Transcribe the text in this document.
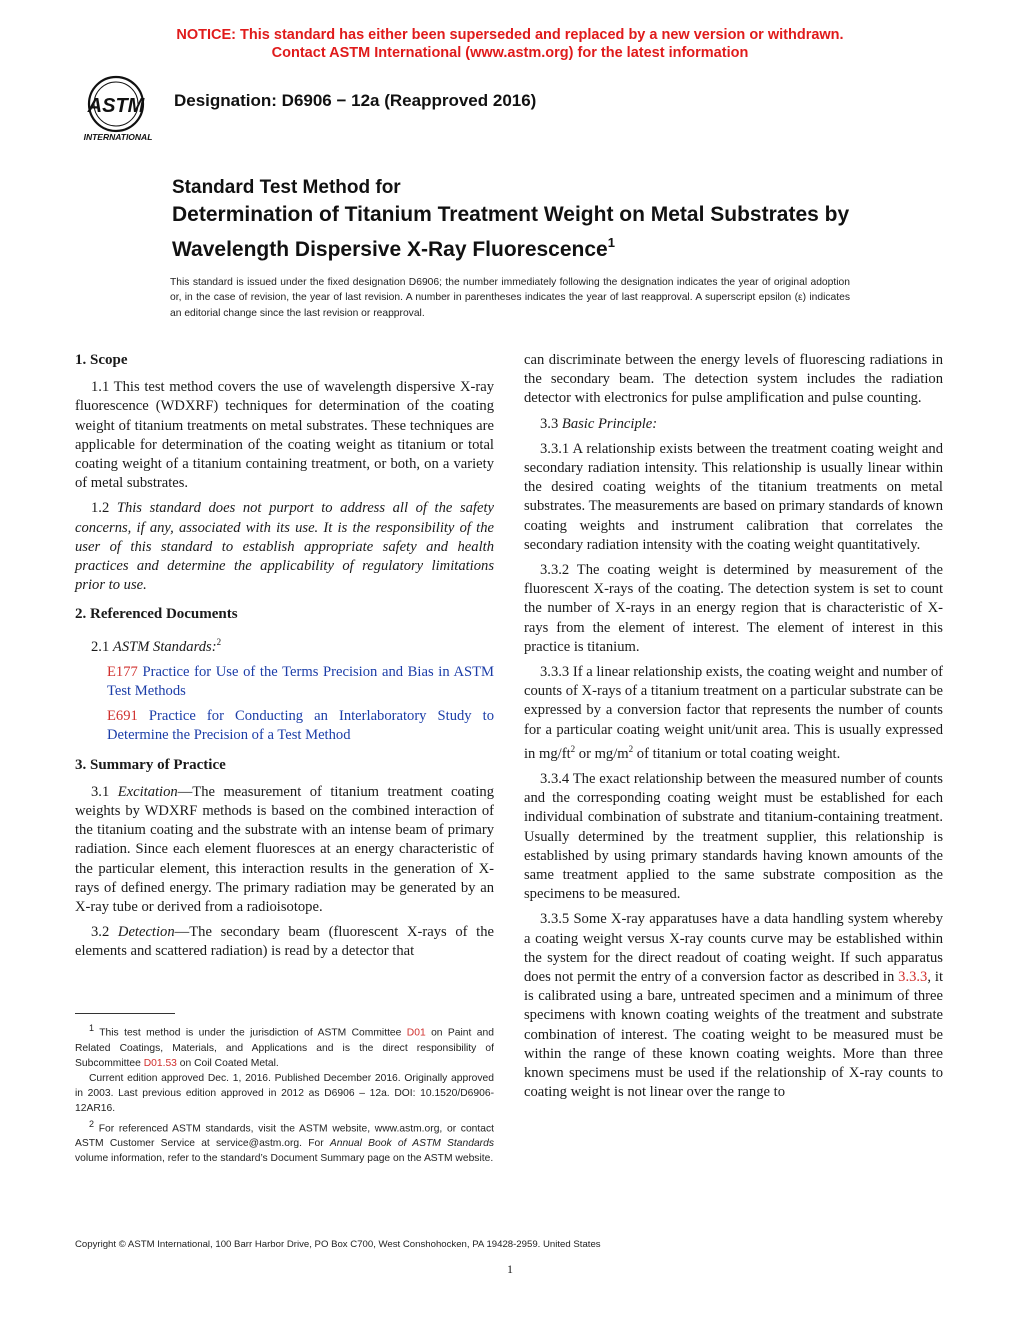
NOTICE: This standard has either been superseded and replaced by a new version or withdrawn.
Contact ASTM International (www.astm.org) for the latest information
ASTM
INTERNATIONAL
Designation: D6906 − 12a (Reapproved 2016)
Standard Test Method for
Determination of Titanium Treatment Weight on Metal Substrates by Wavelength Dispersive X-Ray Fluorescence$^1$
This standard is issued under the fixed designation D6906; the number immediately following the designation indicates the year of original adoption or, in the case of revision, the year of last revision. A number in parentheses indicates the year of last reapproval. A superscript epsilon (ε) indicates an editorial change since the last revision or reapproval.
1. Scope

1.1 This test method covers the use of wavelength dispersive X-ray fluorescence (WDXRF) techniques for determination of the coating weight of titanium treatments on metal substrates. These techniques are applicable for determination of the coating weight as titanium or total coating weight of a titanium containing treatment, or both, on a variety of metal substrates.

1.2 This standard does not purport to address all of the safety concerns, if any, associated with its use. It is the responsibility of the user of this standard to establish appropriate safety and health practices and determine the applicability of regulatory limitations prior to use.

2. Referenced Documents

2.1 ASTM Standards:$^2$

E177 Practice for Use of the Terms Precision and Bias in ASTM Test Methods

E691 Practice for Conducting an Interlaboratory Study to Determine the Precision of a Test Method

3. Summary of Practice

3.1 Excitation—The measurement of titanium treatment coating weights by WDXRF methods is based on the combined interaction of the titanium coating and the substrate with an intense beam of primary radiation. Since each element fluoresces at an energy characteristic of the particular element, this interaction results in the generation of X-rays of defined energy. The primary radiation may be generated by an X-ray tube or derived from a radioisotope.

3.2 Detection—The secondary beam (fluorescent X-rays of the elements and scattered radiation) is read by a detector that

can discriminate between the energy levels of fluorescing radiations in the secondary beam. The detection system includes the radiation detector with electronics for pulse amplification and pulse counting.

3.3 Basic Principle:

3.3.1 A relationship exists between the treatment coating weight and secondary radiation intensity. This relationship is usually linear within the desired coating weights of the titanium treatments on metal substrates. The measurements are based on primary standards of known coating weights and instrument calibration that correlates the secondary radiation intensity with the coating weight quantitatively.

3.3.2 The coating weight is determined by measurement of the fluorescent X-rays of the coating. The detection system is set to count the number of X-rays in an energy region that is characteristic of X-rays from the element of interest. The element of interest in this practice is titanium.

3.3.3 If a linear relationship exists, the coating weight and number of counts of X-rays of a titanium treatment on a particular substrate can be expressed by a conversion factor that represents the number of counts for a particular coating weight unit/unit area. This is usually expressed in $mg/ft^2$ or $mg/m^2$ of titanium or total coating weight.

3.3.4 The exact relationship between the measured number of counts and the corresponding coating weight must be established for each individual combination of substrate and titanium-containing treatment. Usually determined by the treatment supplier, this relationship is established by using primary standards having known amounts of the same treatment applied to the same substrate composition as the specimens to be measured.

3.3.5 Some X-ray apparatuses have a data handling system whereby a coating weight versus X-ray counts curve may be established within the system for the direct readout of coating weight. If such apparatus does not permit the entry of a conversion factor as described in 3.3.3, it is calibrated using a bare, untreated specimen and a minimum of three specimens with known coating weights of the treatment and substrate combination of interest. The coating weight to be measured must be within the range of these known coating weights. More than three known specimens must be used if the relationship of X-ray counts to coating weight is not linear over the range to

$^1$ This test method is under the jurisdiction of ASTM Committee D01 on Paint and Related Coatings, Materials, and Applications and is the direct responsibility of Subcommittee D01.53 on Coil Coated Metal.

Current edition approved Dec. 1, 2016. Published December 2016. Originally approved in 2003. Last previous edition approved in 2012 as D6906 – 12a. DOI: 10.1520/D6906-12AR16.

$^2$ For referenced ASTM standards, visit the ASTM website, www.astm.org, or contact ASTM Customer Service at service@astm.org. For Annual Book of ASTM Standards volume information, refer to the standard’s Document Summary page on the ASTM website.

Copyright © ASTM International, 100 Barr Harbor Drive, PO Box C700, West Conshohocken, PA 19428-2959. United States
1
